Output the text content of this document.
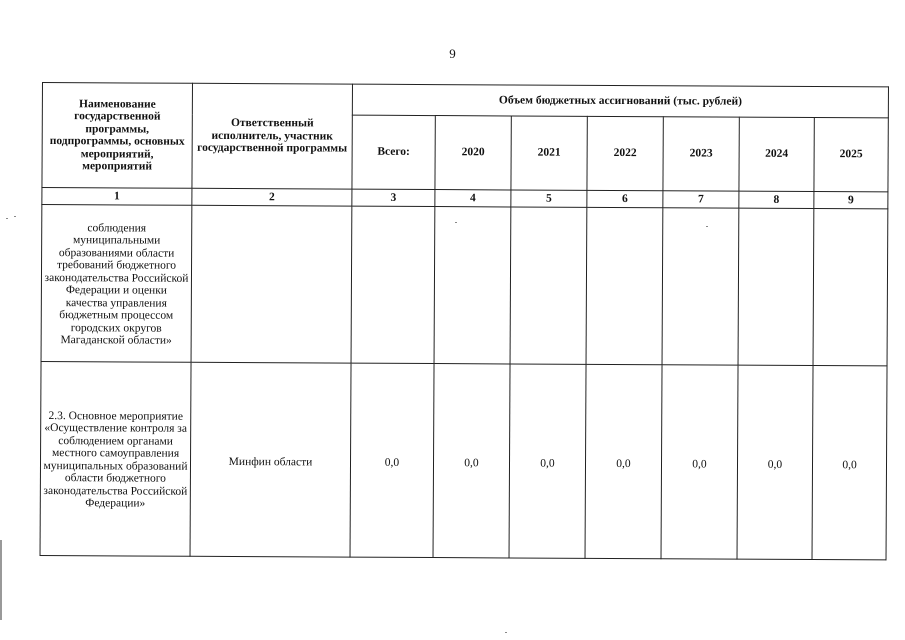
9
Наименование государственной программы, подпрограммы, основных мероприятий, мероприятий	Ответственный исполнитель, участник государственной программы	Объем бюджетных ассигнований (тыс. рублей)						
		Всего:	2020	2021	2022	2023	2024	2025
1	2	3	4	5	6	7	8	9
соблюдения муниципальными образованиями области требований бюджетного законодательства Российской Федерации и оценки качества управления бюджетным процессом городских округов Магаданской области»								
2.3. Основное мероприятие «Осуществление контроля за соблюдением органами местного самоуправления муниципальных образований области бюджетного законодательства Российской Федерации»	Минфин области	0,0	0,0	0,0	0,0	0,0	0,0	0,0
